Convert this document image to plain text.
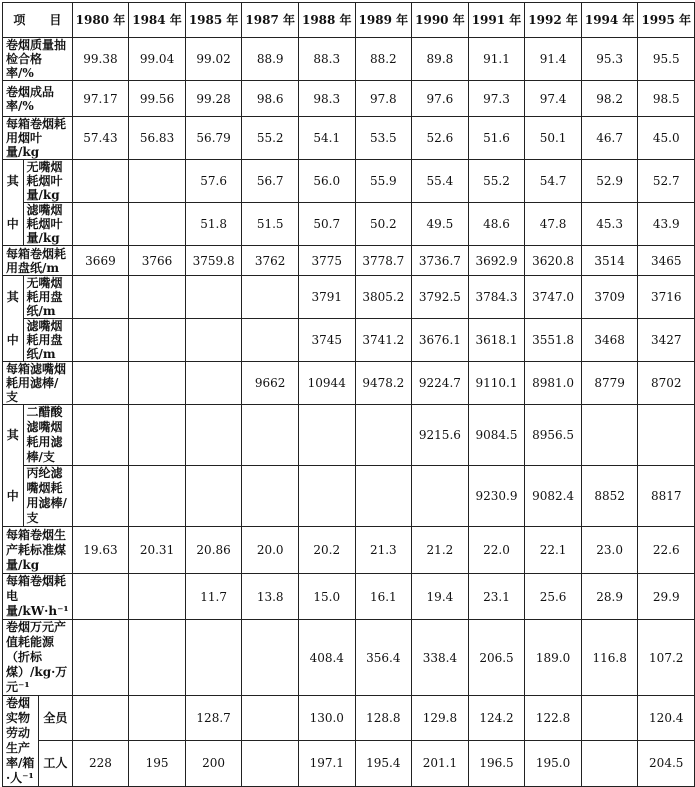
项　　目			1980 年	1984 年	1985 年	1987 年	1988 年	1989 年	1990 年	1991 年	1992 年	1994 年	1995 年
卷烟质量抽检合格率/%			99.38	99.04	99.02	88.9	88.3	88.2	89.8	91.1	91.4	95.3	95.5
卷烟成品率/%			97.17	99.56	99.28	98.6	98.3	97.8	97.6	97.3	97.4	98.2	98.5
每箱卷烟耗用烟叶量/kg			57.43	56.83	56.79	55.2	54.1	53.5	52.6	51.6	50.1	46.7	45.0
其	无嘴烟耗烟叶量/kg				57.6	56.7	56.0	55.9	55.4	55.2	54.7	52.9	52.7
中	滤嘴烟耗烟叶量/kg				51.8	51.5	50.7	50.2	49.5	48.6	47.8	45.3	43.9
每箱卷烟耗用盘纸/m			3669	3766	3759.8	3762	3775	3778.7	3736.7	3692.9	3620.8	3514	3465
其	无嘴烟耗用盘纸/m						3791	3805.2	3792.5	3784.3	3747.0	3709	3716
中	滤嘴烟耗用盘纸/m						3745	3741.2	3676.1	3618.1	3551.8	3468	3427
每箱滤嘴烟耗用滤棒/支						9662	10944	9478.2	9224.7	9110.1	8981.0	8779	8702
其	二醋酸滤嘴烟耗用滤棒/支								9215.6	9084.5	8956.5		
中	丙纶滤嘴烟耗用滤棒/支									9230.9	9082.4	8852	8817
每箱卷烟生产耗标准煤量/kg			19.63	20.31	20.86	20.0	20.2	21.3	21.2	22.0	22.1	23.0	22.6
每箱卷烟耗电量/kW·h⁻¹					11.7	13.8	15.0	16.1	19.4	23.1	25.6	28.9	29.9
卷烟万元产值耗能源（折标煤）/kg·万元⁻¹							408.4	356.4	338.4	206.5	189.0	116.8	107.2
卷烟实物劳动生产率/箱·人⁻¹		全员			128.7		130.0	128.8	129.8	124.2	122.8		120.4
		工人	228	195	200		197.1	195.4	201.1	196.5	195.0		204.5
